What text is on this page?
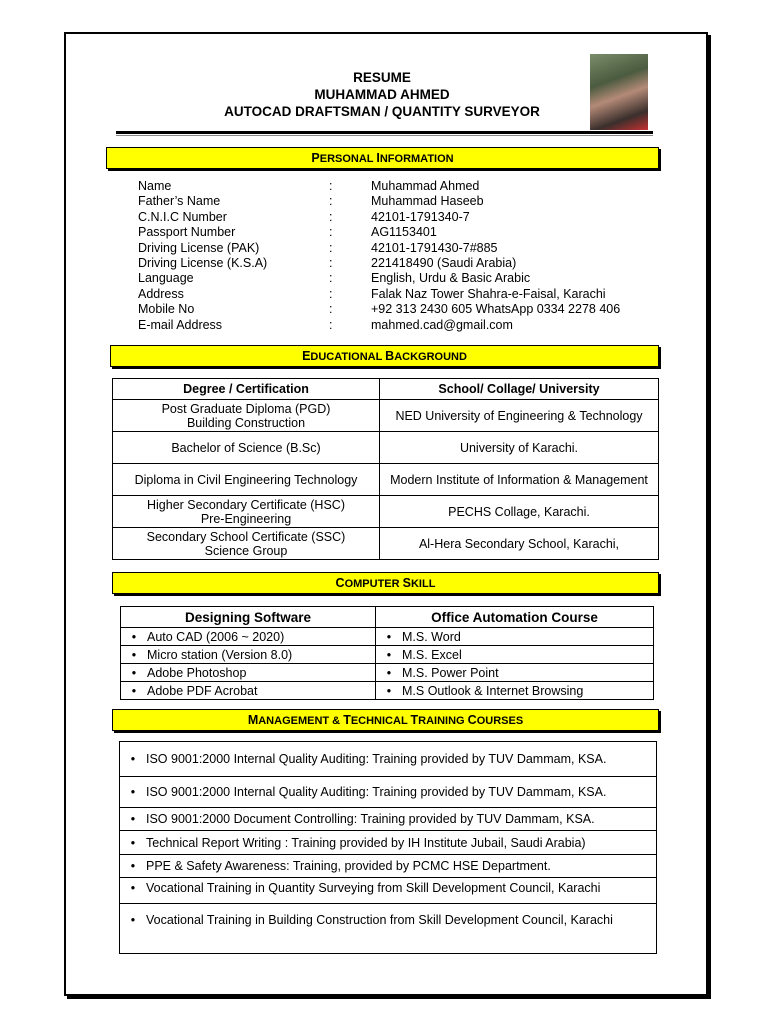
RESUME
MUHAMMAD AHMED
AUTOCAD DRAFTSMAN / QUANTITY SURVEYOR
PERSONAL INFORMATION
Name	:	Muhammad Ahmed
Father’s Name	:	Muhammad Haseeb
C.N.I.C Number	:	42101-1791340-7
Passport Number	:	AG1153401
Driving License (PAK)	:	42101-1791430-7#885
Driving License (K.S.A)	:	221418490 (Saudi Arabia)
Language	:	English, Urdu & Basic Arabic
Address	:	Falak Naz Tower Shahra-e-Faisal, Karachi
Mobile No	:	+92 313 2430 605 WhatsApp 0334 2278 406
E-mail Address	:	mahmed.cad@gmail.com
EDUCATIONAL BACKGROUND
Degree / Certification	School/ Collage/ University

Post Graduate Diploma (PGD)
Building Construction	NED University of Engineering & Technology
Bachelor of Science (B.Sc)	University of Karachi.
Diploma in Civil Engineering Technology	Modern Institute of Information & Management

Higher Secondary Certificate (HSC)
Pre-Engineering	PECHS Collage, Karachi.

Secondary School Certificate (SSC)
Science Group	Al-Hera Secondary School, Karachi,
COMPUTER SKILL
Designing Software	Office Automation Course
• Auto CAD (2006 ~ 2020)	• M.S. Word
• Micro station (Version 8.0)	• M.S. Excel
• Adobe Photoshop	• M.S. Power Point
• Adobe PDF Acrobat	• M.S Outlook & Internet Browsing
MANAGEMENT & TECHNICAL TRAINING COURSES
• ISO 9001:2000 Internal Quality Auditing: Training provided by TUV Dammam, KSA.
• ISO 9001:2000 Internal Quality Auditing: Training provided by TUV Dammam, KSA.
• ISO 9001:2000 Document Controlling: Training provided by TUV Dammam, KSA.
• Technical Report Writing : Training provided by IH Institute Jubail, Saudi Arabia)
• PPE & Safety Awareness: Training, provided by PCMC HSE Department.
• Vocational Training in Quantity Surveying from Skill Development Council, Karachi
• Vocational Training in Building Construction from Skill Development Council, Karachi
